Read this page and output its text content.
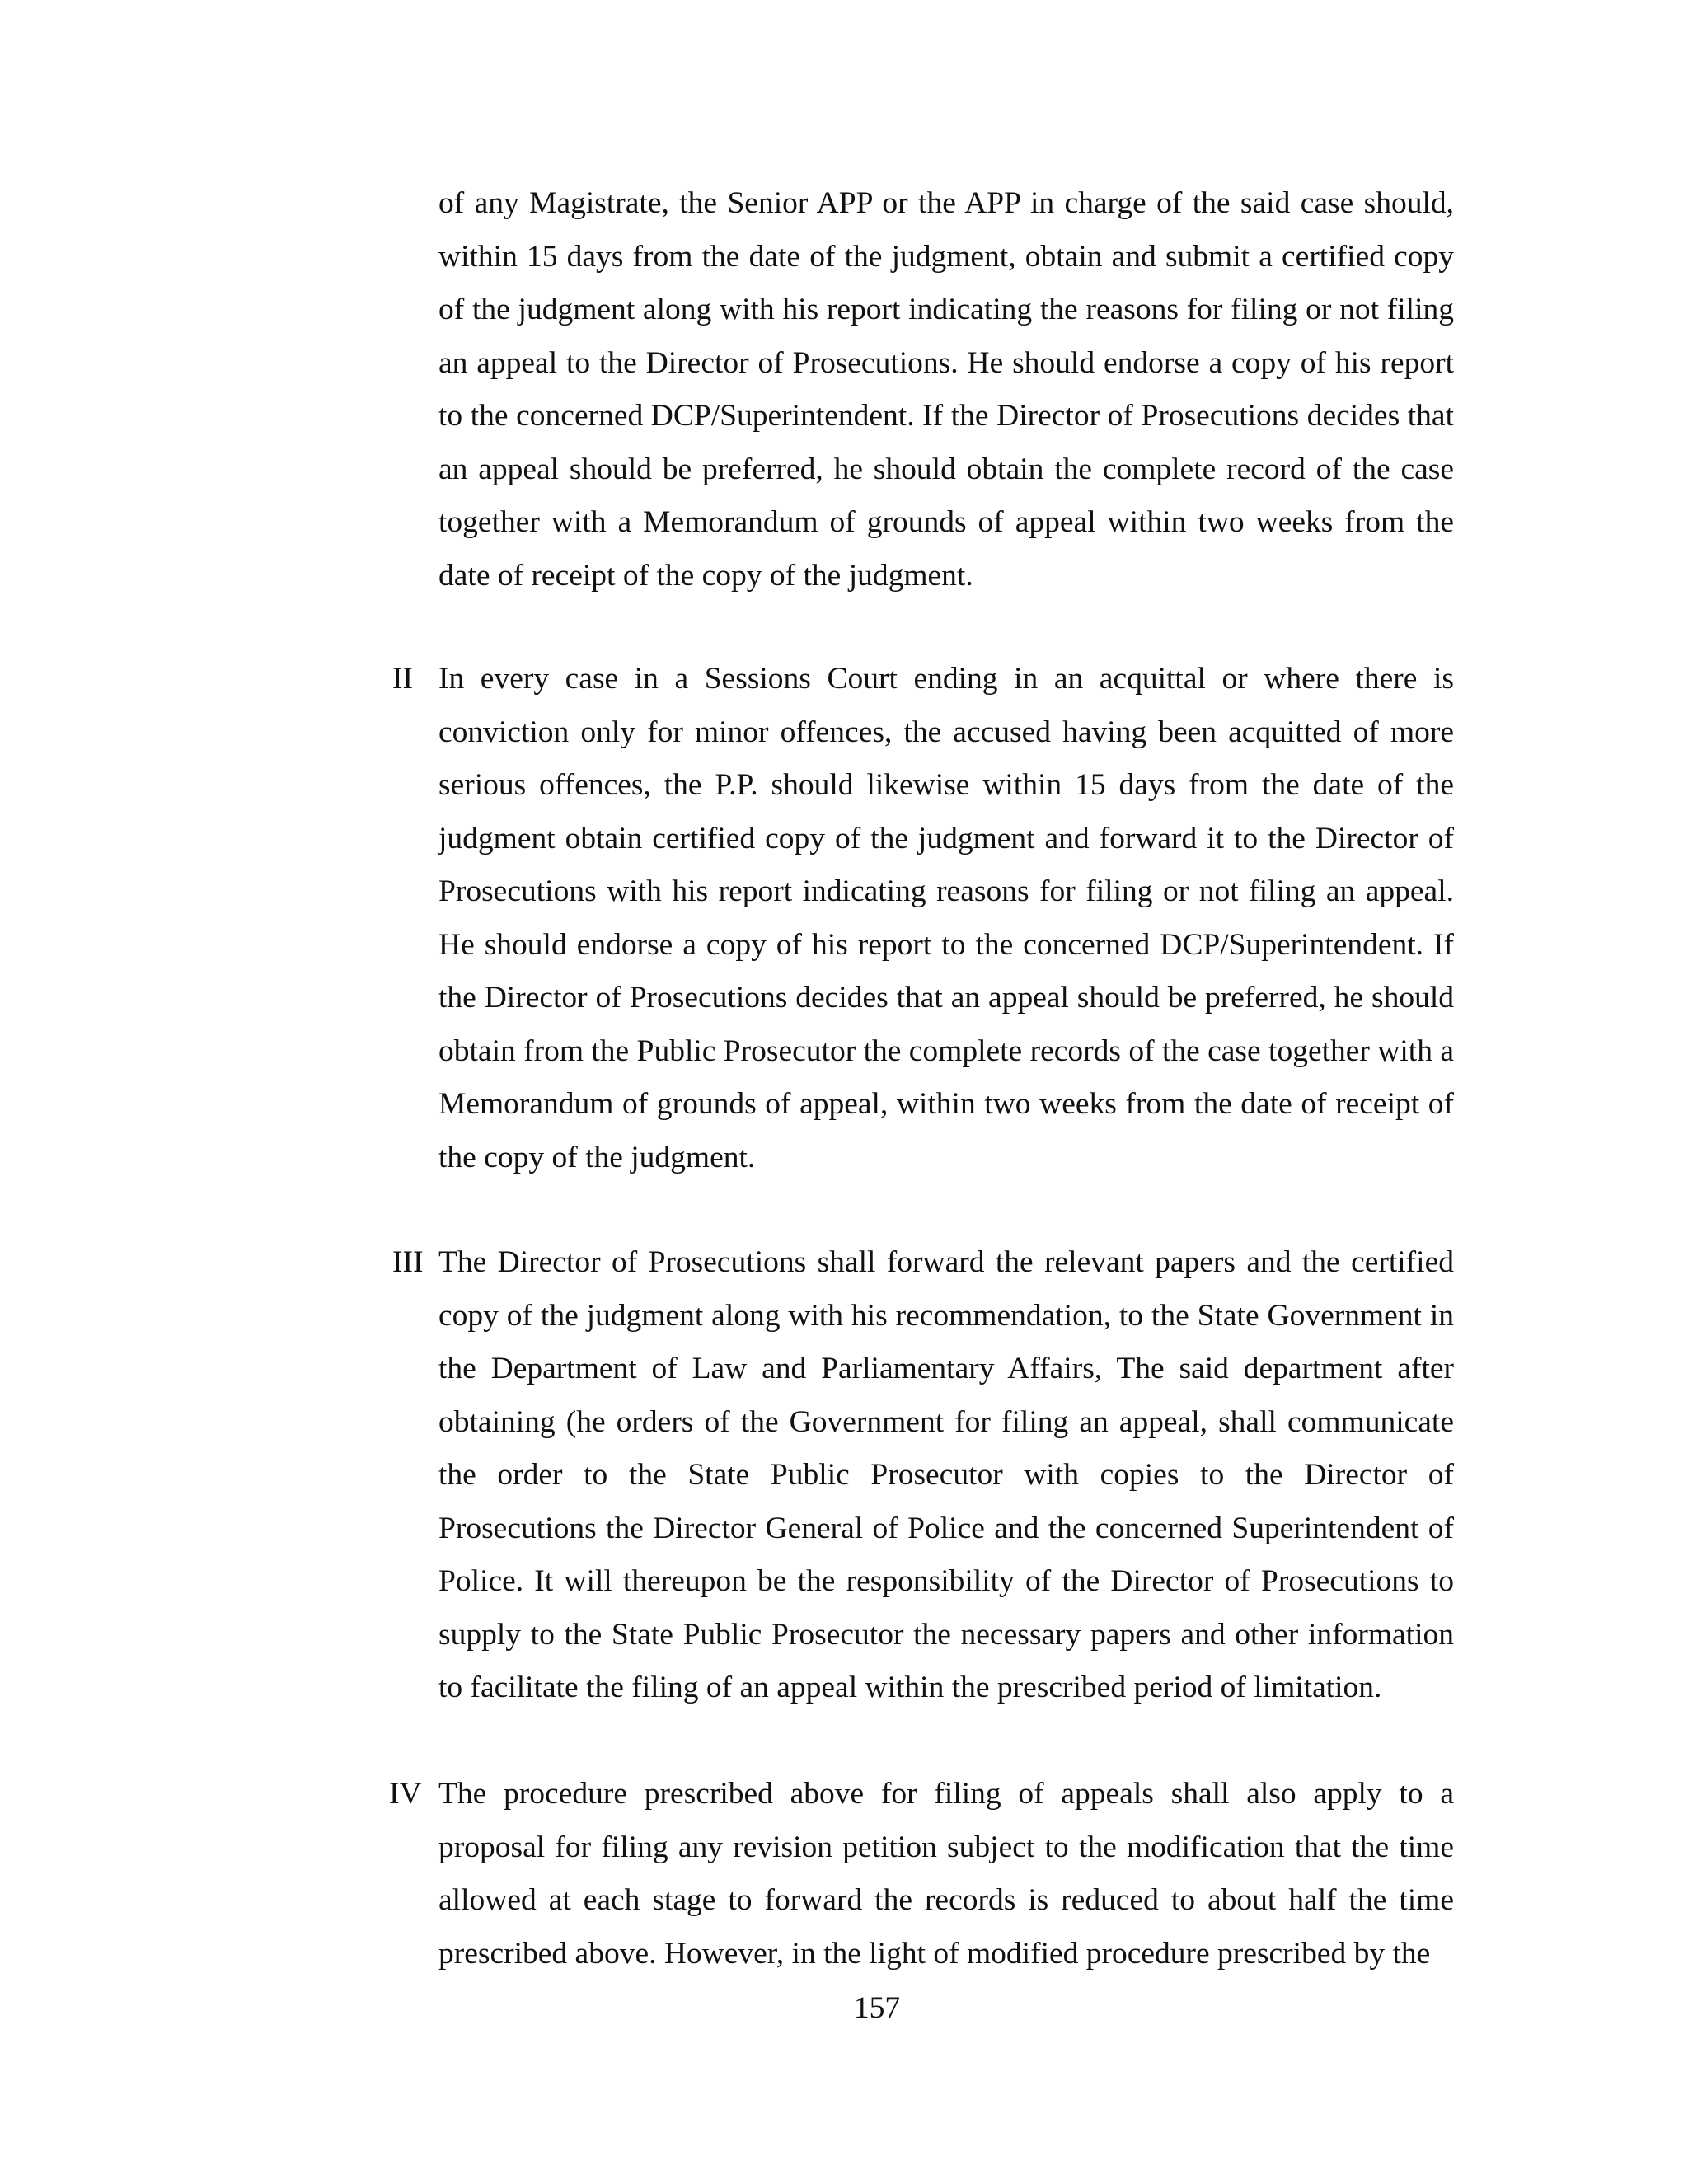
of any Magistrate, the Senior APP or the APP in charge of the said case should, within 15 days from the date of the judgment, obtain and submit a certified copy of the judgment along with his report indicating the reasons for filing or not filing an appeal to the Director of Prosecutions. He should endorse a copy of his report to the concerned DCP/Superintendent. If the Director of Prosecutions decides that an appeal should be preferred, he should obtain the complete record of the case together with a Memorandum of grounds of appeal within two weeks from the date of receipt of the copy of the judgment.

II In every case in a Sessions Court ending in an acquittal or where there is conviction only for minor offences, the accused having been acquitted of more serious offences, the P.P. should likewise within 15 days from the date of the judgment obtain certified copy of the judgment and forward it to the Director of Prosecutions with his report indicating reasons for filing or not filing an appeal. He should endorse a copy of his report to the concerned DCP/Superintendent. If the Director of Prosecutions decides that an appeal should be preferred, he should obtain from the Public Prosecutor the complete records of the case together with a Memorandum of grounds of appeal, within two weeks from the date of receipt of the copy of the judgment.

III The Director of Prosecutions shall forward the relevant papers and the certified copy of the judgment along with his recommendation, to the State Government in the Department of Law and Parliamentary Affairs, The said department after obtaining (he orders of the Government for filing an appeal, shall communicate the order to the State Public Prosecutor with copies to the Director of Prosecutions the Director General of Police and the concerned Superintendent of Police. It will thereupon be the responsibility of the Director of Prosecutions to supply to the State Public Prosecutor the necessary papers and other information to facilitate the filing of an appeal within the prescribed period of limitation.

IV The procedure prescribed above for filing of appeals shall also apply to a proposal for filing any revision petition subject to the modification that the time allowed at each stage to forward the records is reduced to about half the time prescribed above. However, in the light of modified procedure prescribed by the

157
